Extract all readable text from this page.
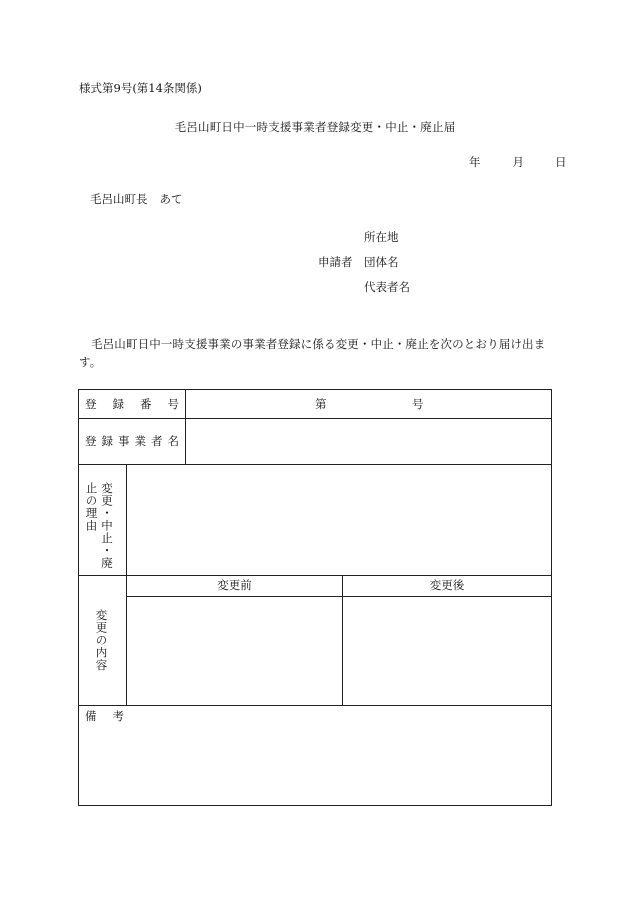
様式第9号(第14条関係)
毛呂山町日中一時支援事業者登録変更・中止・廃止届
年	月	日
毛呂山町長 あて
申請者
所在地
団体名
代表者名
毛呂山町日中一時支援事業の事業者登録に係る変更・中止・廃止を次のとおり届け出ます。
登 録 番 号	第	号
登 録 事 業 者 名
変更・中止・廃止の理由
変更の内容
変更前	変更後
備 考
